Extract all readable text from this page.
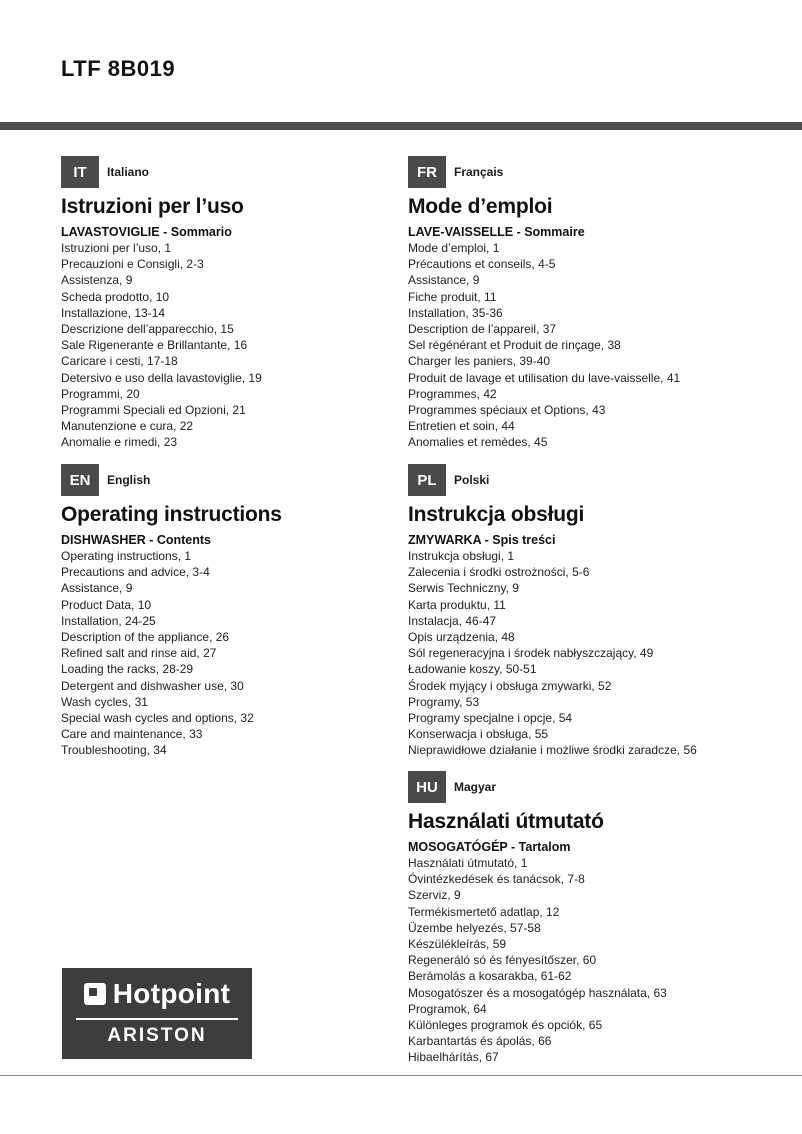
LTF 8B019
IT	Italiano
Istruzioni per l’uso
LAVASTOVIGLIE - Sommario
Istruzioni per l’uso, 1
Precauzioni e Consigli, 2-3
Assistenza, 9
Scheda prodotto, 10
Installazione, 13-14
Descrizione dell’apparecchio, 15
Sale Rigenerante e Brillantante, 16
Caricare i cesti, 17-18
Detersivo e uso della lavastoviglie, 19
Programmi, 20
Programmi Speciali ed Opzioni, 21
Manutenzione e cura, 22
Anomalie e rimedi, 23
EN	English
Operating instructions
DISHWASHER - Contents
Operating instructions, 1
Precautions and advice, 3-4
Assistance, 9
Product Data, 10
Installation, 24-25
Description of the appliance, 26
Refined salt and rinse aid, 27
Loading the racks, 28-29
Detergent and dishwasher use, 30
Wash cycles, 31
Special wash cycles and options, 32
Care and maintenance, 33
Troubleshooting, 34
FR	Français
Mode d’emploi
LAVE-VAISSELLE - Sommaire
Mode d’emploi, 1
Précautions et conseils, 4-5
Assistance, 9
Fiche produit, 11
Installation, 35-36
Description de l’appareil, 37
Sel régénérant et Produit de rinçage, 38
Charger les paniers, 39-40
Produit de lavage et utilisation du lave-vaisselle, 41
Programmes, 42
Programmes spéciaux et Options, 43
Entretien et soin, 44
Anomalies et remèdes, 45
PL	Polski
Instrukcja obsługi
ZMYWARKA - Spis treści
Instrukcja obsługi, 1
Zalecenia i środki ostrożności, 5-6
Serwis Techniczny, 9
Karta produktu, 11
Instalacja, 46-47
Opis urządzenia, 48
Sól regeneracyjna i środek nabłyszczający, 49
Ładowanie koszy, 50-51
Środek myjący i obsługa zmywarki, 52
Programy, 53
Programy specjalne i opcje, 54
Konserwacja i obsługa, 55
Nieprawidłowe działanie i możliwe środki zaradcze, 56
HU	Magyar
Használati útmutató
MOSOGATÓGÉP - Tartalom
Használati útmutató, 1
Óvintézkedések és tanácsok, 7-8
Szerviz, 9
Termékismertető adatlap, 12
Üzembe helyezés, 57-58
Készülékleírás, 59
Regeneráló só és fényesítőszer, 60
Berámolás a kosarakba, 61-62
Mosogatószer és a mosogatógép használata, 63
Programok, 64
Különleges programok és opciók, 65
Karbantartás és ápolás, 66
Hibaelhárítás, 67
Hotpoint
ARISTON
